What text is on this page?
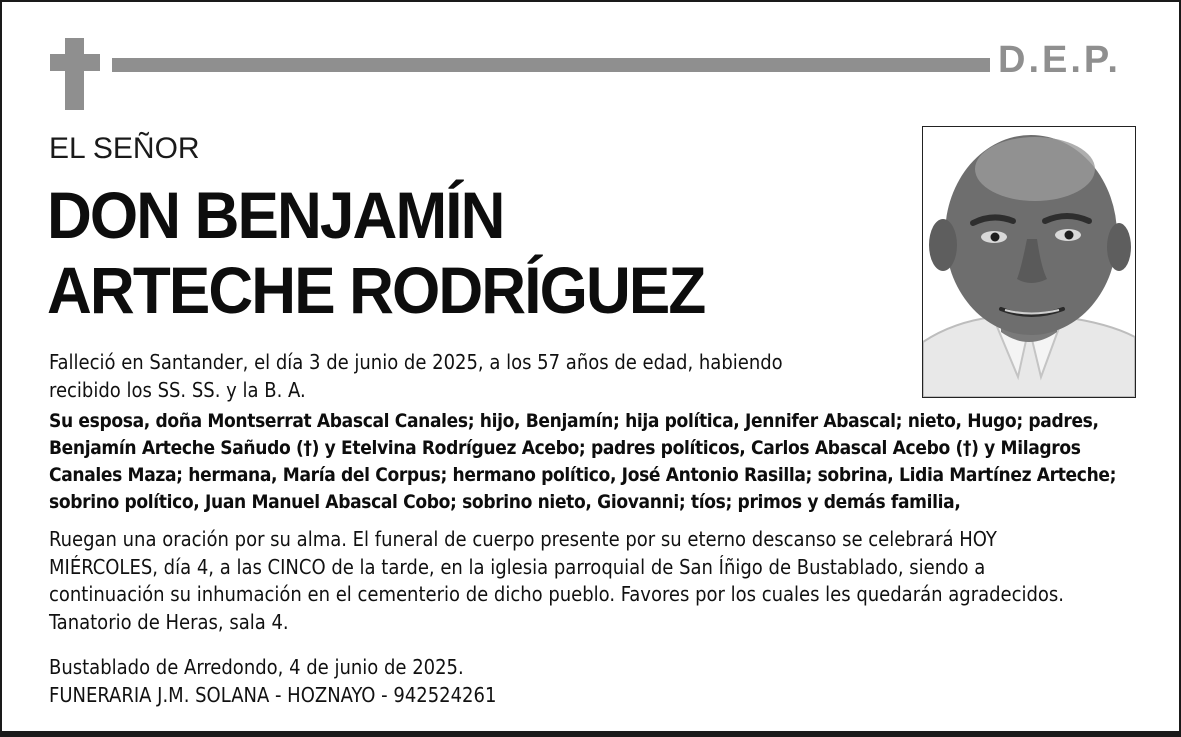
D.E.P.
EL SEÑOR
DON BENJAMÍN
ARTECHE RODRÍGUEZ

Falleció en Santander, el día 3 de junio de 2025, a los 57 años de edad, habiendo
recibido los SS. SS. y la B. A.

Su esposa, doña Montserrat Abascal Canales; hijo, Benjamín; hija política, Jennifer Abascal; nieto, Hugo; padres,
Benjamín Arteche Sañudo (†) y Etelvina Rodríguez Acebo; padres políticos, Carlos Abascal Acebo (†) y Milagros
Canales Maza; hermana, María del Corpus; hermano político, José Antonio Rasilla; sobrina, Lidia Martínez Arteche;
sobrino político, Juan Manuel Abascal Cobo; sobrino nieto, Giovanni; tíos; primos y demás familia,

Ruegan una oración por su alma. El funeral de cuerpo presente por su eterno descanso se celebrará HOY
MIÉRCOLES, día 4, a las CINCO de la tarde, en la iglesia parroquial de San Íñigo de Bustablado, siendo a
continuación su inhumación en el cementerio de dicho pueblo. Favores por los cuales les quedarán agradecidos.
Tanatorio de Heras, sala 4.

Bustablado de Arredondo, 4 de junio de 2025.
FUNERARIA J.M. SOLANA - HOZNAYO - 942524261
